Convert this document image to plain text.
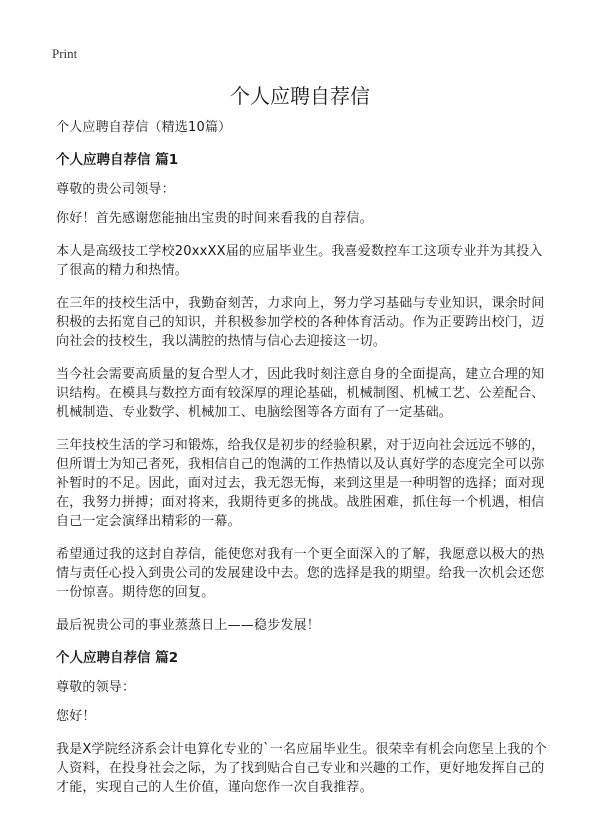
Print
个人应聘自荐信

个人应聘自荐信（精选10篇）

个人应聘自荐信 篇1

尊敬的贵公司领导：

你好！首先感谢您能抽出宝贵的时间来看我的自荐信。

本人是高级技工学校20xxXX届的应届毕业生。我喜爱数控车工这项专业并为其投入了很高的精力和热情。

在三年的技校生活中，我勤奋刻苦，力求向上，努力学习基础与专业知识，课余时间积极的去拓宽自己的知识，并积极参加学校的各种体育活动。作为正要跨出校门，迈向社会的技校生，我以满腔的热情与信心去迎接这一切。

当今社会需要高质量的复合型人才，因此我时刻注意自身的全面提高，建立合理的知识结构。在模具与数控方面有较深厚的理论基础，机械制图、机械工艺、公差配合、机械制造、专业数学、机械加工、电脑绘图等各方面有了一定基础。

三年技校生活的学习和锻炼，给我仅是初步的经验积累，对于迈向社会远远不够的，但所谓士为知己者死，我相信自己的饱满的工作热情以及认真好学的态度完全可以弥补暂时的不足。因此，面对过去，我无怨无悔，来到这里是一种明智的选择；面对现在，我努力拼搏；面对将来，我期待更多的挑战。战胜困难，抓住每一个机遇，相信自己一定会演绎出精彩的一幕。

希望通过我的这封自荐信，能使您对我有一个更全面深入的了解，我愿意以极大的热情与责任心投入到贵公司的发展建设中去。您的选择是我的期望。给我一次机会还您一份惊喜。期待您的回复。

最后祝贵公司的事业蒸蒸日上——稳步发展！

个人应聘自荐信 篇2

尊敬的领导：

您好！

我是X学院经济系会计电算化专业的`一名应届毕业生。很荣幸有机会向您呈上我的个人资料，在投身社会之际，为了找到贴合自己专业和兴趣的工作，更好地发挥自己的才能，实现自己的人生价值，谨向您作一次自我推荐。
